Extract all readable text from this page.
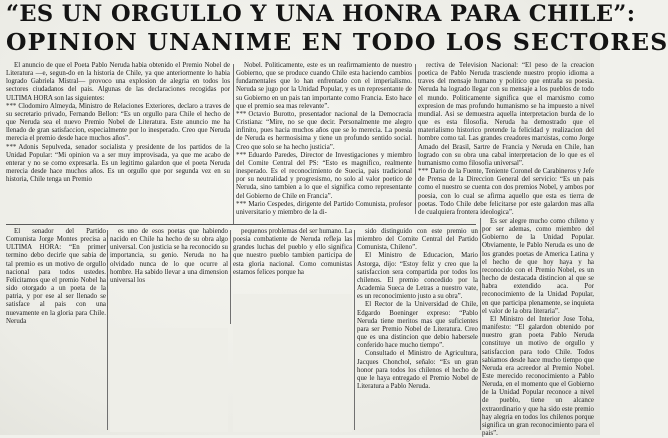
“ES UN ORGULLO Y UNA HONRA PARA CHILE”:
OPINION UNANIME EN TODO LOS SECTORES

El anuncio de que el Poeta Pablo Neruda habia obtenido el Premio Nobel de Literatura —e, segun-do en la historia de Chile, ya que anteriormente lo habia logrado Gabriela Mistral— provoco una explosion de alegria en todos los sectores ciudadanos del pais. Algunas de las declaraciones recogidas por ULTIMA HORA son las siguientes:

*** Clodomiro Almeyda, Ministro de Relaciones Exteriores, declaro a traves de su secretario privado, Fernando Bellon: “Es un orgullo para Chile el hecho de que Neruda sea el nuevo Premio Nobel de Literatura. Este anuncio me ha llenado de gran satisfaccion, especialmente por lo inesperado. Creo que Neruda merecia el premio desde hace muchos años”.

*** Adonis Sepulveda, senador socialista y presidente de los partidos de la Unidad Popular: “Mi opinion va a ser muy improvisada, ya que me acabo de enterar y no se como expresarla. Es un legitimo galardon que el poeta Neruda merecia desde hace muchos años. Es un orgullo que por segunda vez en su historia, Chile tenga un Premio

Nobel. Politicamente, este es un reafirmamiento de nuestro Gobierno, que se produce cuando Chile esta haciendo cambios fundamentales que lo han enfrentado con el imperialismo. Neruda se jugo por la Unidad Popular, y es un representante de su Gobierno en un pais tan importante como Francia. Esto hace que el premio sea mas relevante”.

*** Octavio Burotto, presentador nacional de la Democracia Cristiana: “Mire, no se que decir. Personalmente me alegro infinito, pues hacia muchos años que se lo merecia. La poesia de Neruda es hermosisima y tiene un profundo sentido social. Creo que solo se ha hecho justicia”.

*** Eduardo Paredes, Director de Investigaciones y miembro del Comite Central del PS: “Esto es magnifico, realmente inesperado. Es el reconocimiento de Suecia, pais tradicional por su neutralidad y progresismo, no solo al valor poetico de Neruda, sino tambien a lo que el significa como representante del Gobierno de Chile en Francia”.

*** Mario Cespedes, dirigente del Partido Comunista, profesor universitario y miembro de la di-

rectiva de Television Nacional: “El peso de la creacion poetica de Pablo Neruda trasciende nuestro propio idioma a traves del mensaje humano y politico que entraña su poesia. Neruda ha logrado llegar con su mensaje a los pueblos de todo el mundo. Politicamente significa que el marxismo como expresion de mas profundo humanismo se ha impuesto a nivel mundial. Asi se demuestra aquella interpretacion burda de lo que es esta filosofia. Neruda ha demostrado que el materialismo historico pretende la felicidad y realizacion del hombre como tal. Las grandes creadores marxistas, como Jorge Amado del Brasil, Sartre de Francia y Neruda en Chile, han logrado con su obra una cabal interpretacion de lo que es el humanismo como filosofia universal”.

*** Dario de la Fuente, Teniente Coronel de Carabineros y Jefe de Prensa de la Direccion General del servicio: “Es un pais como el nuestro se cuenta con dos premios Nobel, y ambos por poesia, con lo cual se afirma aquello que esta es tierra de poetas. Todo Chile debe felicitarse por este galardon mas alla de cualquiera frontera ideologica”.

El senador del Partido Comunista Jorge Montes precisa a ULTIMA HORA: “En primer termino debo decirle que sabia de tal premio es un motivo de orgullo nacional para todos ustedes. Felicitamos que el premio Nobel ha sido otorgado a un poeta de la patria, y por ese al ser llenado se satisface al pais con una nuevamente en la gloria para Chile. Neruda

es uno de esos poetas que habiendo nacido en Chile ha hecho de su obra algo universal. Con justicia se ha reconocido su importancia, su genio. Neruda no ha olvidado nunca de lo que ocurre al hombre. Ha sabido llevar a una dimension universal los

pequenos problemas del ser humano. La poesia combatiente de Neruda refleja las grandes luchas del pueblo y ello significa que nuestro pueblo tambien participa de esta gloria nacional. Como comunistas estamos felices porque ha

sido distinguido con este premio un miembro del Comite Central del Partido Comunista, Chileno”.

El Ministro de Educacion, Mario Astorga, dijo: “Estoy feliz y creo que la satisfaccion sera compartida por todos los chilenos. El premio concedido por la Academia Sueca de Letras a nuestro vate, es un reconocimiento justo a su obra”.

El Rector de la Universidad de Chile, Edgardo Boeninger expreso: “Pablo Neruda tiene meritos mas que suficientes para ser Premio Nobel de Literatura. Creo que es una distincion que debio habersele conferido hace mucho tiempo”.

Consultado el Ministro de Agricultura, Jacques Chonchol, señalo: “Es un gran honor para todos los chilenos el hecho de que le haya entregado el Premio Nobel de Literatura a Pablo Neruda.

Es ser alegre mucho como chileno y por ser ademas, como miembro del Gobierno de la Unidad Popular. Obviamente, le Pablo Neruda es uno de los grandes poetas de America Latina y el hecho de que hoy haya y ha reconocido con el Premio Nobel, es un hecho de destacada distincion al que se habra extendido aca. Por reconocimiento de la Unidad Popular, en que participa plenamente, se inquieta el valor de la obra literaria”.

El Ministro del Interior Jose Toha, manifesto: “El galardon obtenido por nuestro gran poeta Pablo Neruda constituye un motivo de orgullo y satisfaccion para todo Chile. Todos sabiamos desde hace mucho tiempo que Neruda era acreedor al Premio Nobel. Este merecido reconocimiento a Pablo Neruda, en el momento que el Gobierno de la Unidad Popular reconoce a nivel de pueblo, tiene un alcance extraordinario y que ha sido este premio hay alegria en todos los chilenos porque significa un gran reconocimiento para el pais”.
